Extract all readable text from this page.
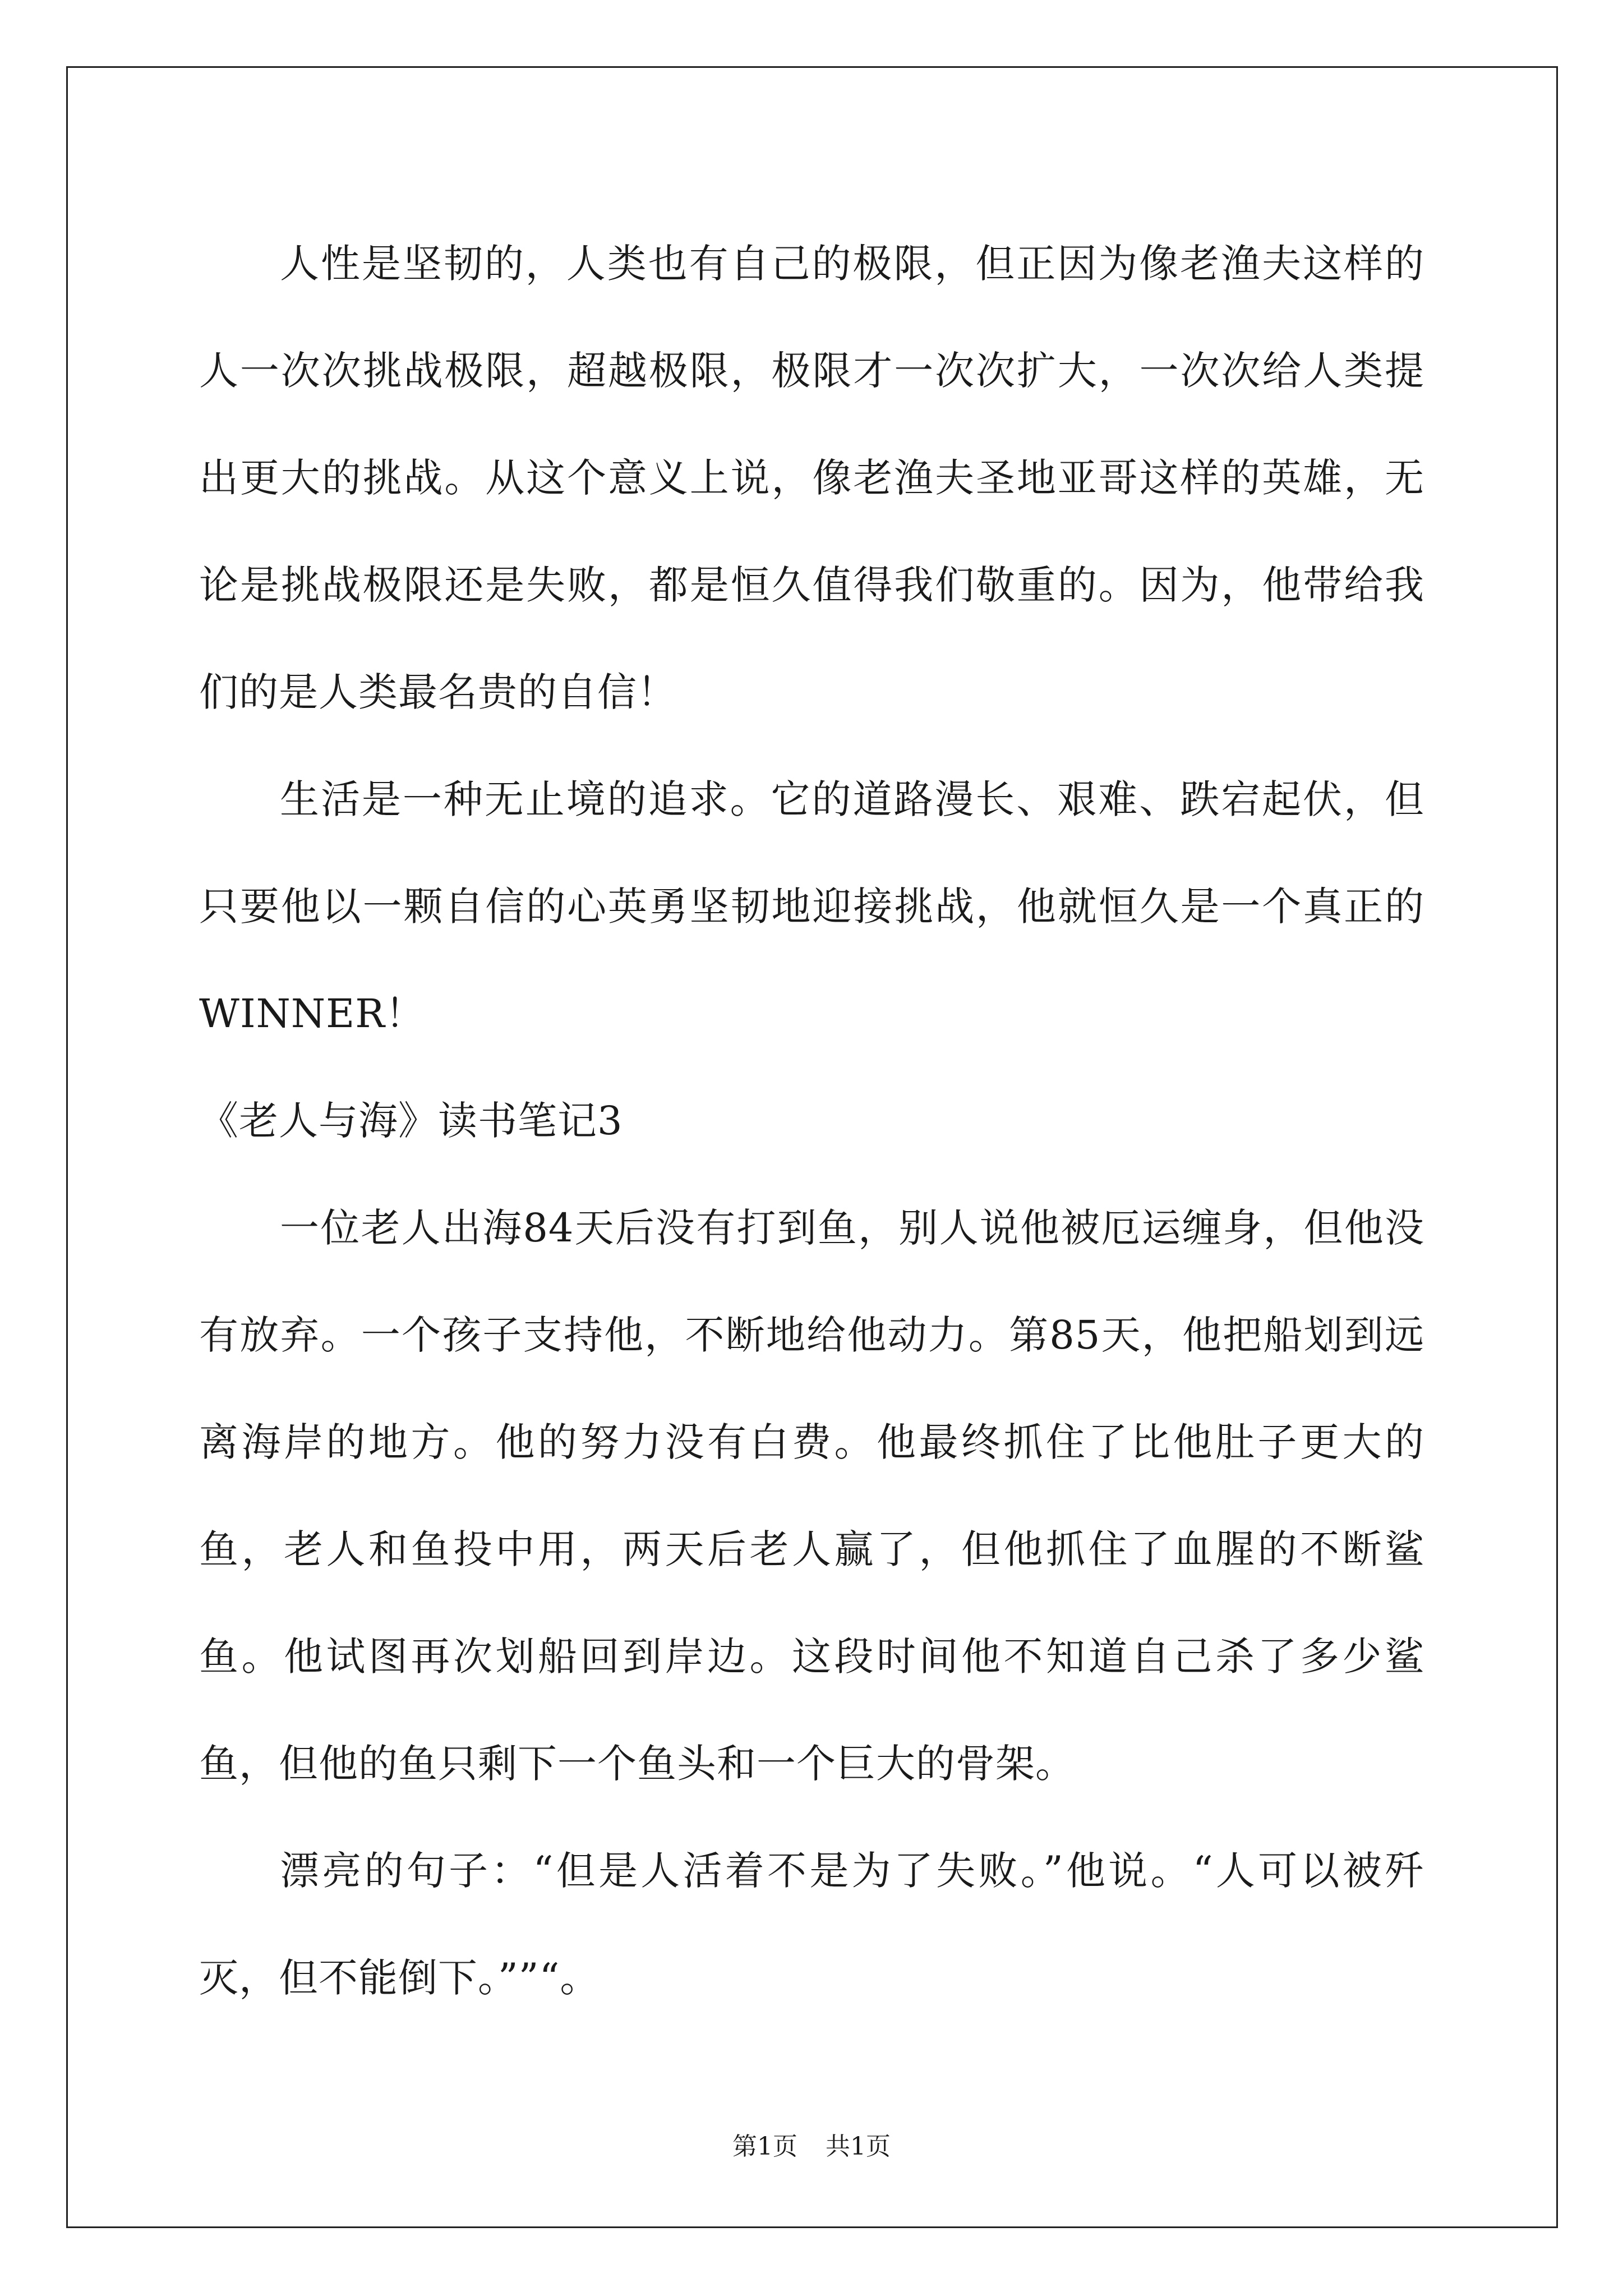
人性是坚韧的，人类也有自己的极限，但正因为像老渔夫这样的人一次次挑战极限，超越极限，极限才一次次扩大，一次次给人类提出更大的挑战。从这个意义上说，像老渔夫圣地亚哥这样的英雄，无论是挑战极限还是失败，都是恒久值得我们敬重的。因为，他带给我们的是人类最名贵的自信！

生活是一种无止境的追求。它的道路漫长、艰难、跌宕起伏，但只要他以一颗自信的心英勇坚韧地迎接挑战，他就恒久是一个真正的WINNER！

《老人与海》读书笔记3

一位老人出海84天后没有打到鱼，别人说他被厄运缠身，但他没有放弃。一个孩子支持他，不断地给他动力。第85天，他把船划到远离海岸的地方。他的努力没有白费。他最终抓住了比他肚子更大的鱼，老人和鱼投中用，两天后老人赢了，但他抓住了血腥的不断鲨鱼。他试图再次划船回到岸边。这段时间他不知道自己杀了多少鲨鱼，但他的鱼只剩下一个鱼头和一个巨大的骨架。

漂亮的句子：“但是人活着不是为了失败。”他说。“人可以被歼灭，但不能倒下。””“。

第1页 共1页
